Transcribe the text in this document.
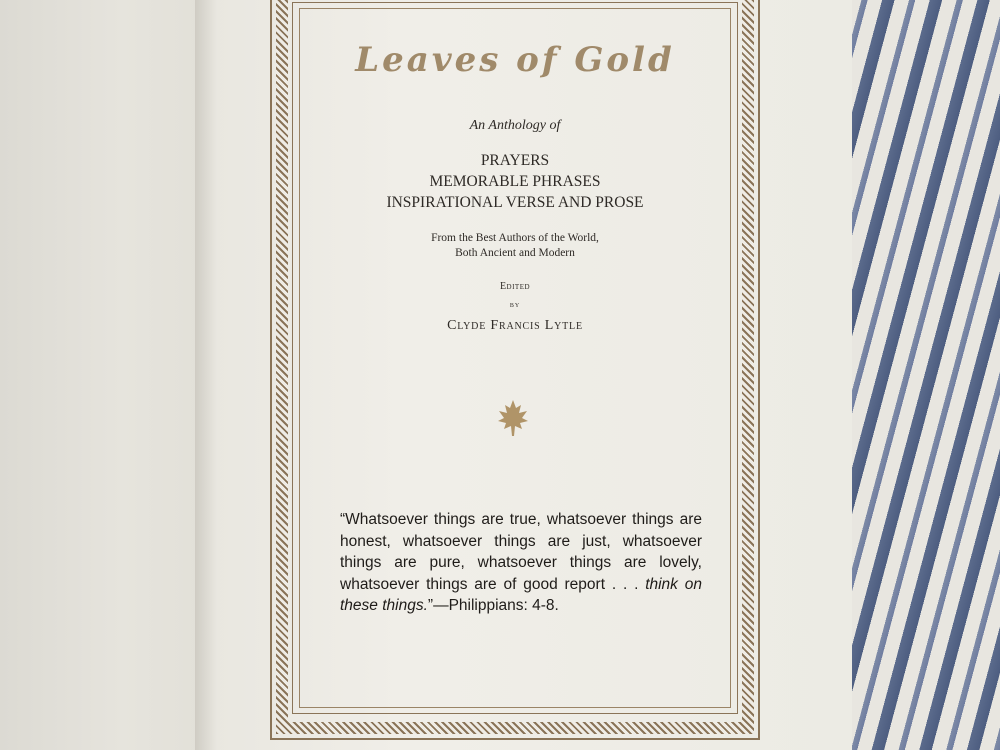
Leaves of Gold
An Anthology of
PRAYERS
MEMORABLE PHRASES
INSPIRATIONAL VERSE AND PROSE
From the Best Authors of the World,
Both Ancient and Modern
Edited
by
Clyde Francis Lytle
“Whatsoever things are true, whatsoever things are honest, whatsoever things are just, whatsoever things are pure, whatsoever things are lovely, whatsoever things are of good report . . . think on these things.”—Philippians: 4-8.
